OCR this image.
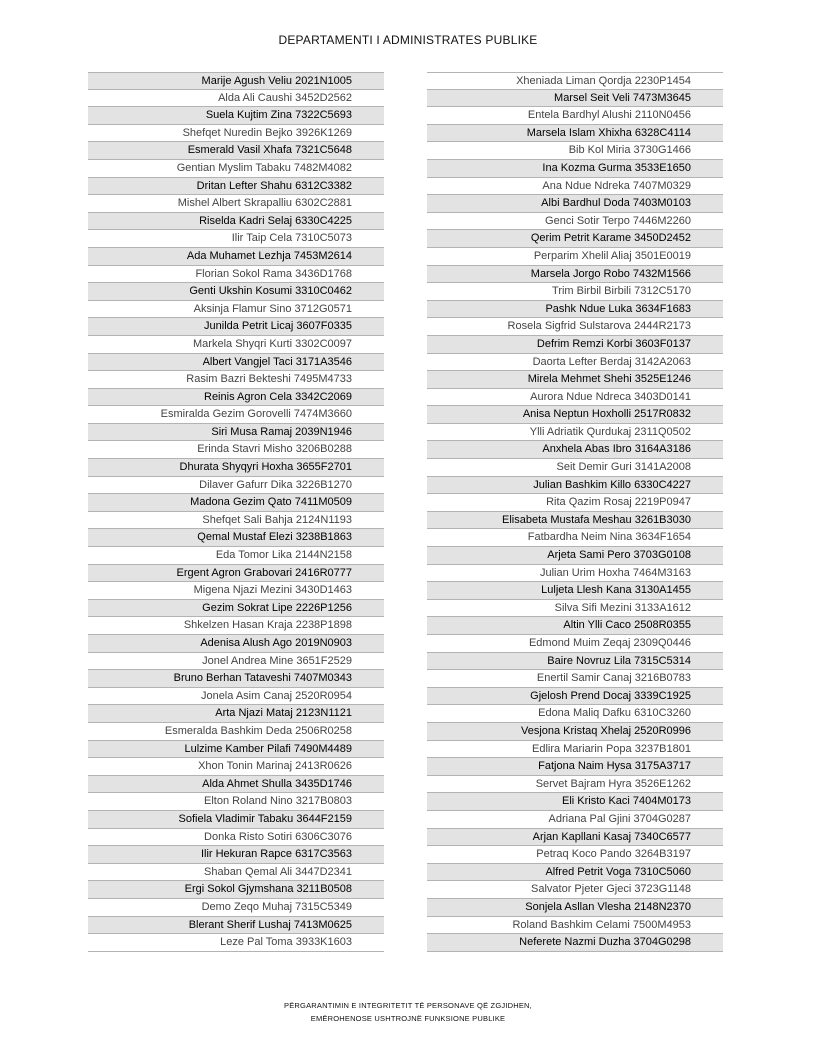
DEPARTAMENTI I ADMINISTRATES PUBLIKE
Marije Agush Veliu 2021N1005
Alda Ali Caushi 3452D2562
Suela Kujtim Zina 7322C5693
Shefqet Nuredin Bejko 3926K1269
Esmerald Vasil Xhafa 7321C5648
Gentian Myslim Tabaku 7482M4082
Dritan Lefter Shahu 6312C3382
Mishel Albert Skrapalliu 6302C2881
Riselda Kadri Selaj 6330C4225
Ilir Taip Cela 7310C5073
Ada Muhamet Lezhja 7453M2614
Florian Sokol Rama 3436D1768
Genti Ukshin Kosumi 3310C0462
Aksinja Flamur Sino 3712G0571
Junilda Petrit Licaj 3607F0335
Markela Shyqri Kurti 3302C0097
Albert Vangjel Taci 3171A3546
Rasim Bazri Bekteshi 7495M4733
Reinis Agron Cela 3342C2069
Esmiralda Gezim Gorovelli 7474M3660
Siri Musa Ramaj 2039N1946
Erinda Stavri Misho 3206B0288
Dhurata Shyqyri Hoxha 3655F2701
Dilaver Gafurr Dika 3226B1270
Madona Gezim Qato 7411M0509
Shefqet Sali Bahja 2124N1193
Qemal Mustaf Elezi 3238B1863
Eda Tomor Lika 2144N2158
Ergent Agron Grabovari 2416R0777
Migena Njazi Mezini 3430D1463
Gezim Sokrat Lipe 2226P1256
Shkelzen Hasan Kraja 2238P1898
Adenisa Alush Ago 2019N0903
Jonel Andrea Mine 3651F2529
Bruno Berhan Tataveshi 7407M0343
Jonela Asim Canaj 2520R0954
Arta Njazi Mataj 2123N1121
Esmeralda Bashkim Deda 2506R0258
Lulzime Kamber Pilafi 7490M4489
Xhon Tonin Marinaj 2413R0626
Alda Ahmet Shulla 3435D1746
Elton Roland Nino 3217B0803
Sofiela Vladimir Tabaku 3644F2159
Donka Risto Sotiri 6306C3076
Ilir Hekuran Rapce 6317C3563
Shaban Qemal Ali 3447D2341
Ergi Sokol Gjymshana 3211B0508
Demo Zeqo Muhaj 7315C5349
Blerant Sherif Lushaj 7413M0625
Leze Pal Toma 3933K1603
Xheniada Liman Qordja 2230P1454
Marsel Seit Veli 7473M3645
Entela Bardhyl Alushi 2110N0456
Marsela Islam Xhixha 6328C4114
Bib Kol Miria 3730G1466
Ina Kozma Gurma 3533E1650
Ana Ndue Ndreka 7407M0329
Albi Bardhul Doda 7403M0103
Genci Sotir Terpo 7446M2260
Qerim Petrit Karame 3450D2452
Perparim Xhelil Aliaj 3501E0019
Marsela Jorgo Robo 7432M1566
Trim Birbil Birbili 7312C5170
Pashk Ndue Luka 3634F1683
Rosela Sigfrid Sulstarova 2444R2173
Defrim Remzi Korbi 3603F0137
Daorta Lefter Berdaj 3142A2063
Mirela Mehmet Shehi 3525E1246
Aurora Ndue Ndreca 3403D0141
Anisa Neptun Hoxholli 2517R0832
Ylli Adriatik Qurdukaj 2311Q0502
Anxhela Abas Ibro 3164A3186
Seit Demir Guri 3141A2008
Julian Bashkim Killo 6330C4227
Rita Qazim Rosaj 2219P0947
Elisabeta Mustafa Meshau 3261B3030
Fatbardha Neim Nina 3634F1654
Arjeta Sami Pero 3703G0108
Julian Urim Hoxha 7464M3163
Luljeta Llesh Kana 3130A1455
Silva Sifi Mezini 3133A1612
Altin Ylli Caco 2508R0355
Edmond Muim Zeqaj 2309Q0446
Baire Novruz Lila 7315C5314
Enertil Samir Canaj 3216B0783
Gjelosh Prend Docaj 3339C1925
Edona Maliq Dafku 6310C3260
Vesjona Kristaq Xhelaj 2520R0996
Edlira Mariarin Popa 3237B1801
Fatjona Naim Hysa 3175A3717
Servet Bajram Hyra 3526E1262
Eli Kristo Kaci 7404M0173
Adriana Pal Gjini 3704G0287
Arjan Kapllani Kasaj 7340C6577
Petraq Koco Pando 3264B3197
Alfred Petrit Voga 7310C5060
Salvator Pjeter Gjeci 3723G1148
Sonjela Asllan Vlesha 2148N2370
Roland Bashkim Celami 7500M4953
Neferete Nazmi Duzha 3704G0298
PËRGARANTIMIN E INTEGRITETIT TË PERSONAVE QË ZGJIDHEN,
EMËROHENOSE USHTROJNË FUNKSIONE PUBLIKE
